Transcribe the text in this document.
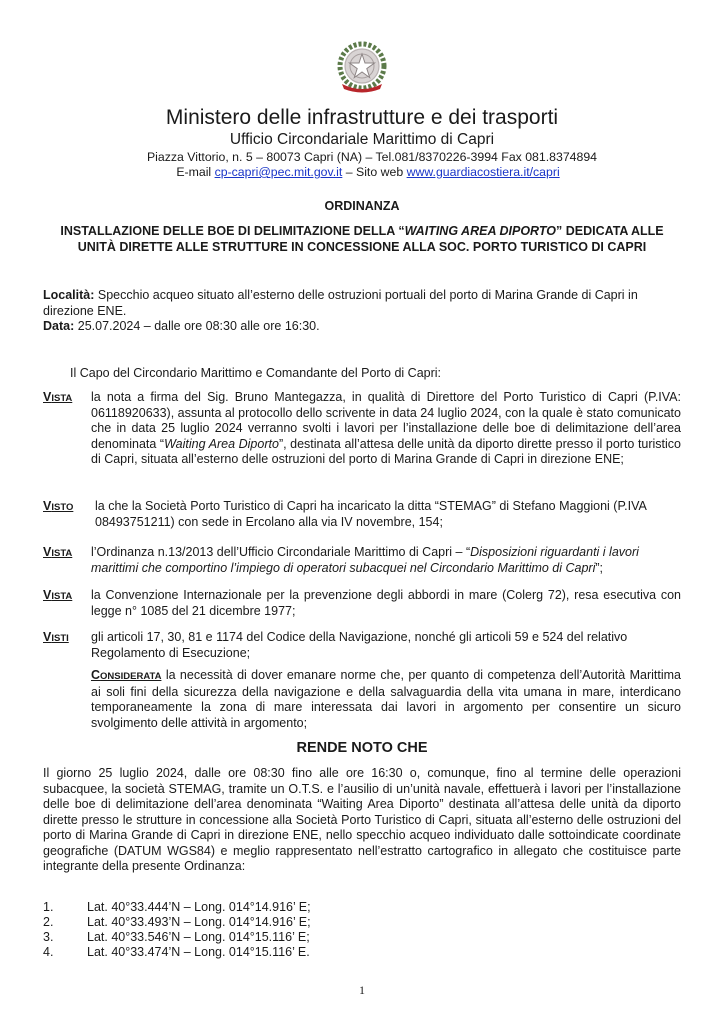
Ministero delle infrastrutture e dei trasporti
Ufficio Circondariale Marittimo di Capri
Piazza Vittorio, n. 5 – 80073 Capri (NA) – Tel.081/8370226-3994 Fax 081.8374894
E-mail cp-capri@pec.mit.gov.it – Sito web www.guardiacostiera.it/capri
ORDINANZA
INSTALLAZIONE DELLE BOE DI DELIMITAZIONE DELLA “WAITING AREA DIPORTO” DEDICATA ALLE UNITÀ DIRETTE ALLE STRUTTURE IN CONCESSIONE ALLA SOC. PORTO TURISTICO DI CAPRI
Località: Specchio acqueo situato all’esterno delle ostruzioni portuali del porto di Marina Grande di Capri in direzione ENE.
Data: 25.07.2024 – dalle ore 08:30 alle ore 16:30.
Il Capo del Circondario Marittimo e Comandante del Porto di Capri:
VISTA la nota a firma del Sig. Bruno Mantegazza, in qualità di Direttore del Porto Turistico di Capri (P.IVA: 06118920633), assunta al protocollo dello scrivente in data 24 luglio 2024, con la quale è stato comunicato che in data 25 luglio 2024 verranno svolti i lavori per l’installazione delle boe di delimitazione dell’area denominata “Waiting Area Diporto”, destinata all’attesa delle unità da diporto dirette presso il porto turistico di Capri, situata all’esterno delle ostruzioni del porto di Marina Grande di Capri in direzione ENE;
VISTO la che la Società Porto Turistico di Capri ha incaricato la ditta “STEMAG” di Stefano Maggioni (P.IVA 08493751211) con sede in Ercolano alla via IV novembre, 154;
VISTA l’Ordinanza n.13/2013 dell’Ufficio Circondariale Marittimo di Capri – “Disposizioni riguardanti i lavori marittimi che comportino l’impiego di operatori subacquei nel Circondario Marittimo di Capri”;
VISTA la Convenzione Internazionale per la prevenzione degli abbordi in mare (Colerg 72), resa esecutiva con legge n° 1085 del 21 dicembre 1977;
VISTI gli articoli 17, 30, 81 e 1174 del Codice della Navigazione, nonché gli articoli 59 e 524 del relativo Regolamento di Esecuzione;
CONSIDERATA la necessità di dover emanare norme che, per quanto di competenza dell’Autorità Marittima ai soli fini della sicurezza della navigazione e della salvaguardia della vita umana in mare, interdicano temporaneamente la zona di mare interessata dai lavori in argomento per consentire un sicuro svolgimento delle attività in argomento;
RENDE NOTO CHE
Il giorno 25 luglio 2024, dalle ore 08:30 fino alle ore 16:30 o, comunque, fino al termine delle operazioni subacquee, la società STEMAG, tramite un O.T.S. e l’ausilio di un’unità navale, effettuerà i lavori per l’installazione delle boe di delimitazione dell’area denominata “Waiting Area Diporto” destinata all’attesa delle unità da diporto dirette presso le strutture in concessione alla Società Porto Turistico di Capri, situata all’esterno delle ostruzioni del porto di Marina Grande di Capri in direzione ENE, nello specchio acqueo individuato dalle sottoindicate coordinate geografiche (DATUM WGS84) e meglio rappresentato nell’estratto cartografico in allegato che costituisce parte integrante della presente Ordinanza:
1.	Lat. 40°33.444’N – Long. 014°14.916’ E;
2.	Lat. 40°33.493’N – Long. 014°14.916’ E;
3.	Lat. 40°33.546’N – Long. 014°15.116’ E;
4.	Lat. 40°33.474’N – Long. 014°15.116’ E.
1
